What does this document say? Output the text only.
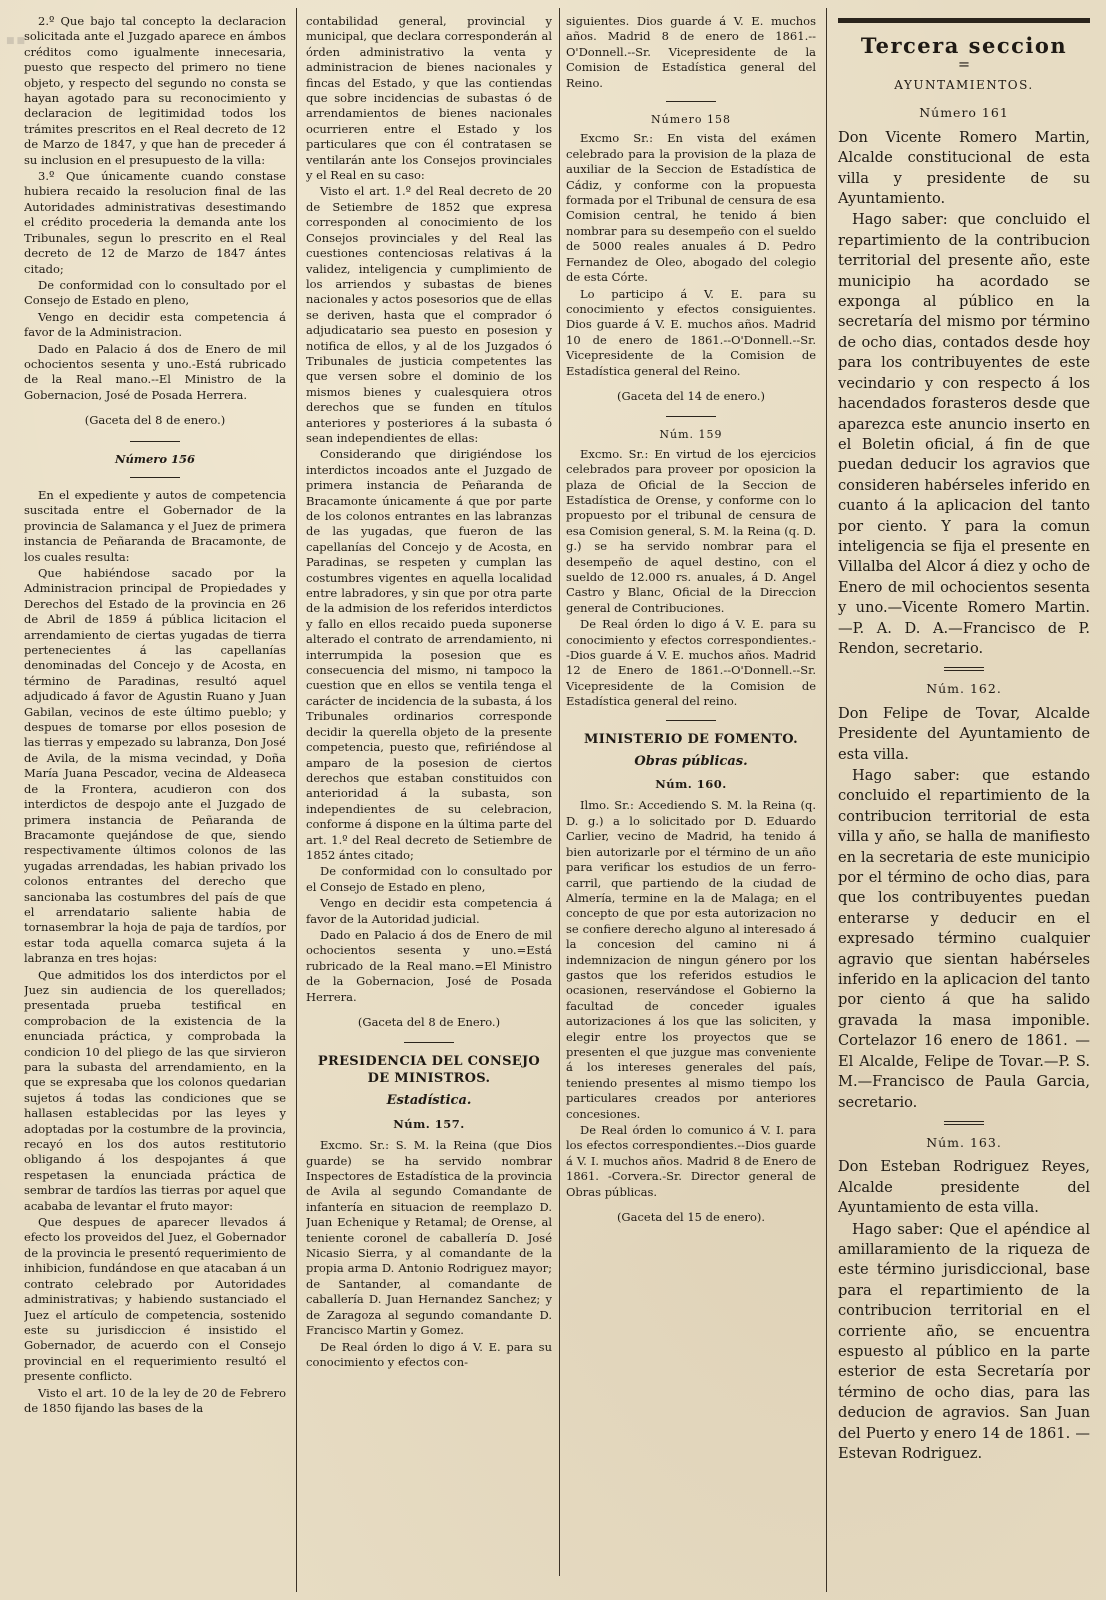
■■

2.º Que bajo tal concepto la declaracion solicitada ante el Juzgado aparece en ámbos créditos como igualmente innecesaria, puesto que respecto del primero no tiene objeto, y respecto del segundo no consta se hayan agotado para su reconocimiento y declaracion de legitimidad todos los trámites prescritos en el Real decreto de 12 de Marzo de 1847, y que han de preceder á su inclusion en el presupuesto de la villa:

3.º Que únicamente cuando constase hubiera recaido la resolucion final de las Autoridades administrativas desestimando el crédito procederia la demanda ante los Tribunales, segun lo prescrito en el Real decreto de 12 de Marzo de 1847 ántes citado;

De conformidad con lo consultado por el Consejo de Estado en pleno,

Vengo en decidir esta competencia á favor de la Administracion.

Dado en Palacio á dos de Enero de mil ochocientos sesenta y uno.-Está rubricado de la Real mano.--El Ministro de la Gobernacion, José de Posada Herrera.

(Gaceta del 8 de enero.)

Número 156

En el expediente y autos de competencia suscitada entre el Gobernador de la provincia de Salamanca y el Juez de primera instancia de Peñaranda de Bracamonte, de los cuales resulta:

Que habiéndose sacado por la Administracion principal de Propiedades y Derechos del Estado de la provincia en 26 de Abril de 1859 á pública licitacion el arrendamiento de ciertas yugadas de tierra pertenecientes á las capellanías denominadas del Concejo y de Acosta, en término de Paradinas, resultó aquel adjudicado á favor de Agustin Ruano y Juan Gabilan, vecinos de este último pueblo; y despues de tomarse por ellos posesion de las tierras y empezado su labranza, Don José de Avila, de la misma vecindad, y Doña María Juana Pescador, vecina de Aldeaseca de la Frontera, acudieron con dos interdictos de despojo ante el Juzgado de primera instancia de Peñaranda de Bracamonte quejándose de que, siendo respectivamente últimos colonos de las yugadas arrendadas, les habian privado los colonos entrantes del derecho que sancionaba las costumbres del país de que el arrendatario saliente habia de tornasembrar la hoja de paja de tardíos, por estar toda aquella comarca sujeta á la labranza en tres hojas:

Que admitidos los dos interdictos por el Juez sin audiencia de los querellados; presentada prueba testifical en comprobacion de la existencia de la enunciada práctica, y comprobada la condicion 10 del pliego de las que sirvieron para la subasta del arrendamiento, en la que se expresaba que los colonos quedarian sujetos á todas las condiciones que se hallasen establecidas por las leyes y adoptadas por la costumbre de la provincia, recayó en los dos autos restitutorio obligando á los despojantes á que respetasen la enunciada práctica de sembrar de tardíos las tierras por aquel que acababa de levantar el fruto mayor:

Que despues de aparecer llevados á efecto los proveidos del Juez, el Gobernador de la provincia le presentó requerimiento de inhibicion, fundándose en que atacaban á un contrato celebrado por Autoridades administrativas; y habiendo sustanciado el Juez el artículo de competencia, sostenido este su jurisdiccion é insistido el Gobernador, de acuerdo con el Consejo provincial en el requerimiento resultó el presente conflicto.

Visto el art. 10 de la ley de 20 de Febrero de 1850 fijando las bases de la

contabilidad general, provincial y municipal, que declara corresponderán al órden administrativo la venta y administracion de bienes nacionales y fincas del Estado, y que las contiendas que sobre incidencias de subastas ó de arrendamientos de bienes nacionales ocurrieren entre el Estado y los particulares que con él contratasen se ventilarán ante los Consejos provinciales y el Real en su caso:

Visto el art. 1.º del Real decreto de 20 de Setiembre de 1852 que expresa corresponden al conocimiento de los Consejos provinciales y del Real las cuestiones contenciosas relativas á la validez, inteligencia y cumplimiento de los arriendos y subastas de bienes nacionales y actos posesorios que de ellas se deriven, hasta que el comprador ó adjudicatario sea puesto en posesion y notifica de ellos, y al de los Juzgados ó Tribunales de justicia competentes las que versen sobre el dominio de los mismos bienes y cualesquiera otros derechos que se funden en títulos anteriores y posteriores á la subasta ó sean independientes de ellas:

Considerando que dirigiéndose los interdictos incoados ante el Juzgado de primera instancia de Peñaranda de Bracamonte únicamente á que por parte de los colonos entrantes en las labranzas de las yugadas, que fueron de las capellanías del Concejo y de Acosta, en Paradinas, se respeten y cumplan las costumbres vigentes en aquella localidad entre labradores, y sin que por otra parte de la admision de los referidos interdictos y fallo en ellos recaido pueda suponerse alterado el contrato de arrendamiento, ni interrumpida la posesion que es consecuencia del mismo, ni tampoco la cuestion que en ellos se ventila tenga el carácter de incidencia de la subasta, á los Tribunales ordinarios corresponde decidir la querella objeto de la presente competencia, puesto que, refiriéndose al amparo de la posesion de ciertos derechos que estaban constituidos con anterioridad á la subasta, son independientes de su celebracion, conforme á dispone en la última parte del art. 1.º del Real decreto de Setiembre de 1852 ántes citado;

De conformidad con lo consultado por el Consejo de Estado en pleno,

Vengo en decidir esta competencia á favor de la Autoridad judicial.

Dado en Palacio á dos de Enero de mil ochocientos sesenta y uno.=Está rubricado de la Real mano.=El Ministro de la Gobernacion, José de Posada Herrera.

(Gaceta del 8 de Enero.)

PRESIDENCIA DEL CONSEJO DE MINISTROS.

Estadística.

Núm. 157.

Excmo. Sr.: S. M. la Reina (que Dios guarde) se ha servido nombrar Inspectores de Estadística de la provincia de Avila al segundo Comandante de infantería en situacion de reemplazo D. Juan Echenique y Retamal; de Orense, al teniente coronel de caballería D. José Nicasio Sierra, y al comandante de la propia arma D. Antonio Rodriguez mayor; de Santander, al comandante de caballería D. Juan Hernandez Sanchez; y de Zaragoza al segundo comandante D. Francisco Martin y Gomez.

De Real órden lo digo á V. E. para su conocimiento y efectos con-

siguientes. Dios guarde á V. E. muchos años. Madrid 8 de enero de 1861.--O'Donnell.--Sr. Vicepresidente de la Comision de Estadística general del Reino.

Número 158

Excmo Sr.: En vista del exámen celebrado para la provision de la plaza de auxiliar de la Seccion de Estadística de Cádiz, y conforme con la propuesta formada por el Tribunal de censura de esa Comision central, he tenido á bien nombrar para su desempeño con el sueldo de 5000 reales anuales á D. Pedro Fernandez de Oleo, abogado del colegio de esta Córte.

Lo participo á V. E. para su conocimiento y efectos consiguientes. Dios guarde á V. E. muchos años. Madrid 10 de enero de 1861.--O'Donnell.--Sr. Vicepresidente de la Comision de Estadística general del Reino.

(Gaceta del 14 de enero.)

Núm. 159

Excmo. Sr.: En virtud de los ejercicios celebrados para proveer por oposicion la plaza de Oficial de la Seccion de Estadística de Orense, y conforme con lo propuesto por el tribunal de censura de esa Comision general, S. M. la Reina (q. D. g.) se ha servido nombrar para el desempeño de aquel destino, con el sueldo de 12.000 rs. anuales, á D. Angel Castro y Blanc, Oficial de la Direccion general de Contribuciones.

De Real órden lo digo á V. E. para su conocimiento y efectos correspondientes.--Dios guarde á V. E. muchos años. Madrid 12 de Enero de 1861.--O'Donnell.--Sr. Vicepresidente de la Comision de Estadística general del reino.

MINISTERIO DE FOMENTO.

Obras públicas.

Núm. 160.

Ilmo. Sr.: Accediendo S. M. la Reina (q. D. g.) a lo solicitado por D. Eduardo Carlier, vecino de Madrid, ha tenido á bien autorizarle por el término de un año para verificar los estudios de un ferro-carril, que partiendo de la ciudad de Almería, termine en la de Malaga; en el concepto de que por esta autorizacion no se confiere derecho alguno al interesado á la concesion del camino ni á indemnizacion de ningun género por los gastos que los referidos estudios le ocasionen, reservándose el Gobierno la facultad de conceder iguales autorizaciones á los que las soliciten, y elegir entre los proyectos que se presenten el que juzgue mas conveniente á los intereses generales del país, teniendo presentes al mismo tiempo los particulares creados por anteriores concesiones.

De Real órden lo comunico á V. I. para los efectos correspondientes.--Dios guarde á V. I. muchos años. Madrid 8 de Enero de 1861. -Corvera.-Sr. Director general de Obras públicas.

(Gaceta del 15 de enero).

Tercera seccion

=

AYUNTAMIENTOS.

Número 161

Don Vicente Romero Martin, Alcalde constitucional de esta villa y presidente de su Ayuntamiento.

Hago saber: que concluido el repartimiento de la contribucion territorial del presente año, este municipio ha acordado se exponga al público en la secretaría del mismo por término de ocho dias, contados desde hoy para los contribuyentes de este vecindario y con respecto á los hacendados forasteros desde que aparezca este anuncio inserto en el Boletin oficial, á fin de que puedan deducir los agravios que consideren habérseles inferido en cuanto á la aplicacion del tanto por ciento. Y para la comun inteligencia se fija el presente en Villalba del Alcor á diez y ocho de Enero de mil ochocientos sesenta y uno.—Vicente Romero Martin.—P. A. D. A.—Francisco de P. Rendon, secretario.

Núm. 162.

Don Felipe de Tovar, Alcalde Presidente del Ayuntamiento de esta villa.

Hago saber: que estando concluido el repartimiento de la contribucion territorial de esta villa y año, se halla de manifiesto en la secretaria de este municipio por el término de ocho dias, para que los contribuyentes puedan enterarse y deducir en el expresado término cualquier agravio que sientan habérseles inferido en la aplicacion del tanto por ciento á que ha salido gravada la masa imponible. Cortelazor 16 enero de 1861. —El Alcalde, Felipe de Tovar.—P. S. M.—Francisco de Paula Garcia, secretario.

Núm. 163.

Don Esteban Rodriguez Reyes, Alcalde presidente del Ayuntamiento de esta villa.

Hago saber: Que el apéndice al amillaramiento de la riqueza de este término jurisdiccional, base para el repartimiento de la contribucion territorial en el corriente año, se encuentra espuesto al público en la parte esterior de esta Secretaría por término de ocho dias, para las deducion de agravios. San Juan del Puerto y enero 14 de 1861. —Estevan Rodriguez.
